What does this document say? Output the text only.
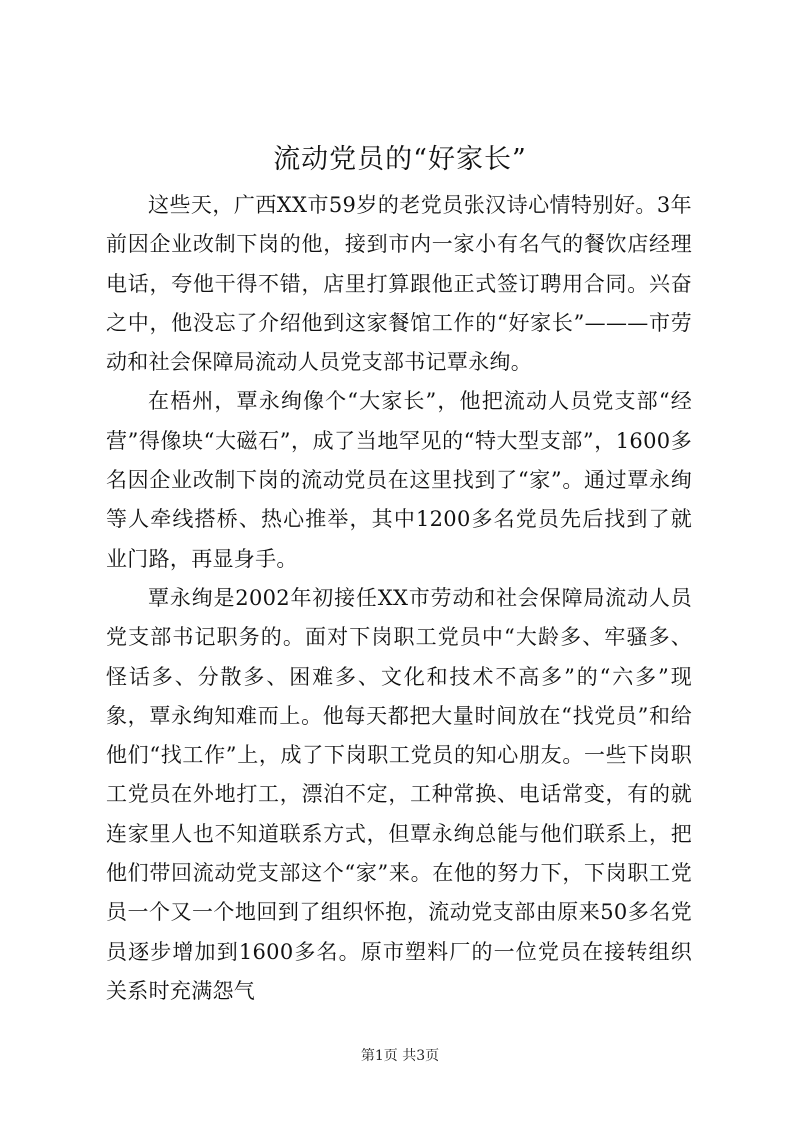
流动党员的“好家长”

这些天，广西XX市59岁的老党员张汉诗心情特别好。3年前因企业改制下岗的他，接到市内一家小有名气的餐饮店经理电话，夸他干得不错，店里打算跟他正式签订聘用合同。兴奋之中，他没忘了介绍他到这家餐馆工作的“好家长”———市劳动和社会保障局流动人员党支部书记覃永绚。

在梧州，覃永绚像个“大家长”，他把流动人员党支部“经营”得像块“大磁石”，成了当地罕见的“特大型支部”，1600多名因企业改制下岗的流动党员在这里找到了“家”。通过覃永绚等人牵线搭桥、热心推举，其中1200多名党员先后找到了就业门路，再显身手。

覃永绚是2002年初接任XX市劳动和社会保障局流动人员党支部书记职务的。面对下岗职工党员中“大龄多、牢骚多、怪话多、分散多、困难多、文化和技术不高多”的“六多”现象，覃永绚知难而上。他每天都把大量时间放在“找党员”和给他们“找工作”上，成了下岗职工党员的知心朋友。一些下岗职工党员在外地打工，漂泊不定，工种常换、电话常变，有的就连家里人也不知道联系方式，但覃永绚总能与他们联系上，把他们带回流动党支部这个“家”来。在他的努力下，下岗职工党员一个又一个地回到了组织怀抱，流动党支部由原来50多名党员逐步增加到1600多名。原市塑料厂的一位党员在接转组织关系时充满怨气

第1页 共3页
